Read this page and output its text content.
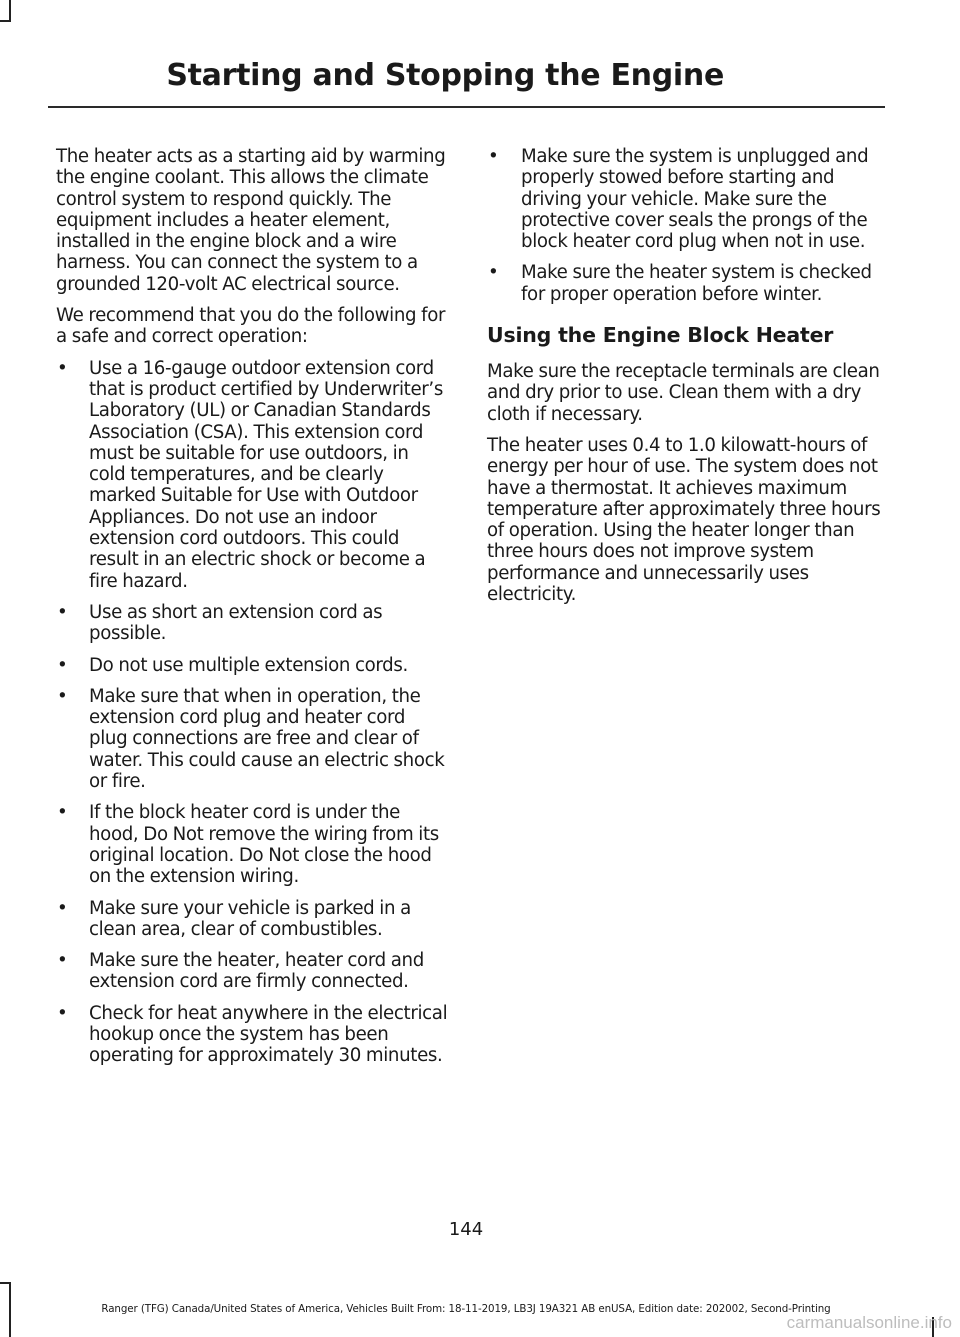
Starting and Stopping the Engine

The heater acts as a starting aid by warming the engine coolant. This allows the climate control system to respond quickly. The equipment includes a heater element, installed in the engine block and a wire harness. You can connect the system to a grounded 120-volt AC electrical source.

We recommend that you do the following for a safe and correct operation:

• Use a 16-gauge outdoor extension cord that is product certified by Underwriter’s Laboratory (UL) or Canadian Standards Association (CSA). This extension cord must be suitable for use outdoors, in cold temperatures, and be clearly marked Suitable for Use with Outdoor Appliances. Do not use an indoor extension cord outdoors. This could result in an electric shock or become a fire hazard.
• Use as short an extension cord as possible.
• Do not use multiple extension cords.
• Make sure that when in operation, the extension cord plug and heater cord plug connections are free and clear of water. This could cause an electric shock or fire.
• If the block heater cord is under the hood, Do Not remove the wiring from its original location. Do Not close the hood on the extension wiring.
• Make sure your vehicle is parked in a clean area, clear of combustibles.
• Make sure the heater, heater cord and extension cord are firmly connected.
• Check for heat anywhere in the electrical hookup once the system has been operating for approximately 30 minutes.
• Make sure the system is unplugged and properly stowed before starting and driving your vehicle. Make sure the protective cover seals the prongs of the block heater cord plug when not in use.
• Make sure the heater system is checked for proper operation before winter.
Using the Engine Block Heater

Make sure the receptacle terminals are clean and dry prior to use. Clean them with a dry cloth if necessary.

The heater uses 0.4 to 1.0 kilowatt-hours of energy per hour of use. The system does not have a thermostat. It achieves maximum temperature after approximately three hours of operation. Using the heater longer than three hours does not improve system performance and unnecessarily uses electricity.

144
Ranger (TFG) Canada/United States of America, Vehicles Built From: 18-11-2019, LB3J 19A321 AB enUSA, Edition date: 202002, Second-Printing
carmanualsonline.info
